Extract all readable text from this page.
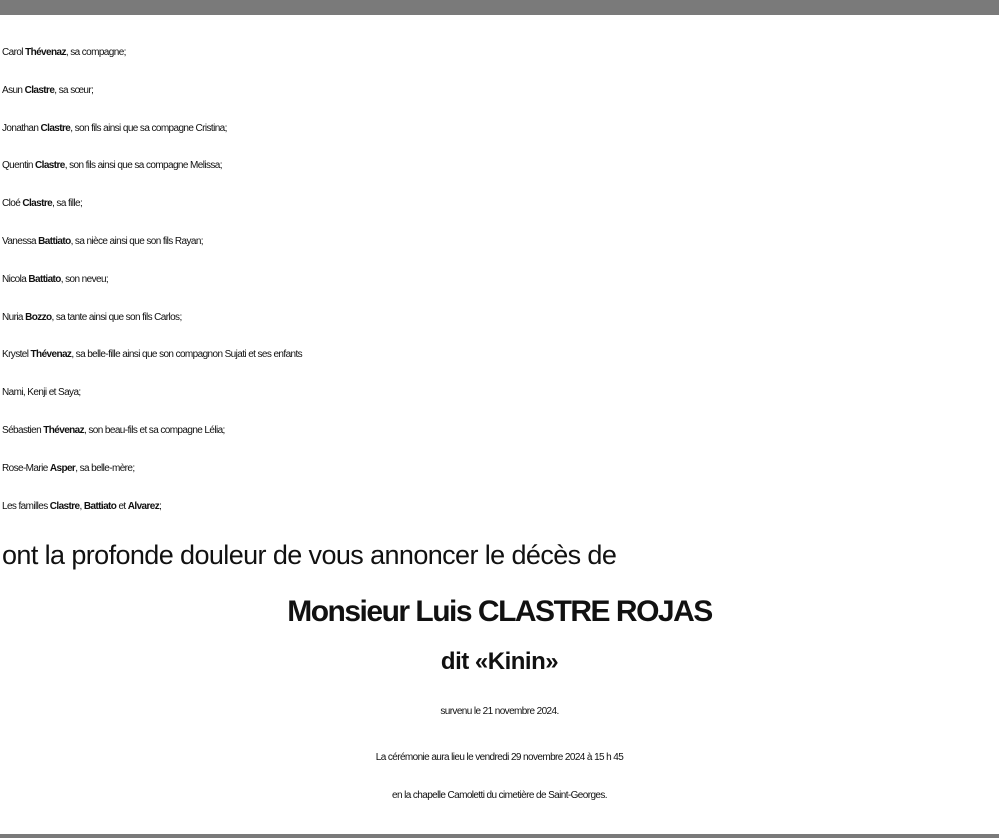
Carol Thévenaz, sa compagne;
Asun Clastre, sa sœur;
Jonathan Clastre, son fils ainsi que sa compagne Cristina;
Quentin Clastre, son fils ainsi que sa compagne Melissa;
Cloé Clastre, sa fille;
Vanessa Battiato, sa nièce ainsi que son fils Rayan;
Nicola Battiato, son neveu;
Nuria Bozzo, sa tante ainsi que son fils Carlos;
Krystel Thévenaz, sa belle-fille ainsi que son compagnon Sujati et ses enfants
Nami, Kenji et Saya;
Sébastien Thévenaz, son beau-fils et sa compagne Lélia;
Rose-Marie Asper, sa belle-mère;
Les familles Clastre, Battiato et Alvarez;
ont la profonde douleur de vous annoncer le décès de
Monsieur Luis CLASTRE ROJAS
dit «Kinin»
survenu le 21 novembre 2024.
La cérémonie aura lieu le vendredi 29 novembre 2024 à 15 h 45
en la chapelle Camoletti du cimetière de Saint-Georges.
